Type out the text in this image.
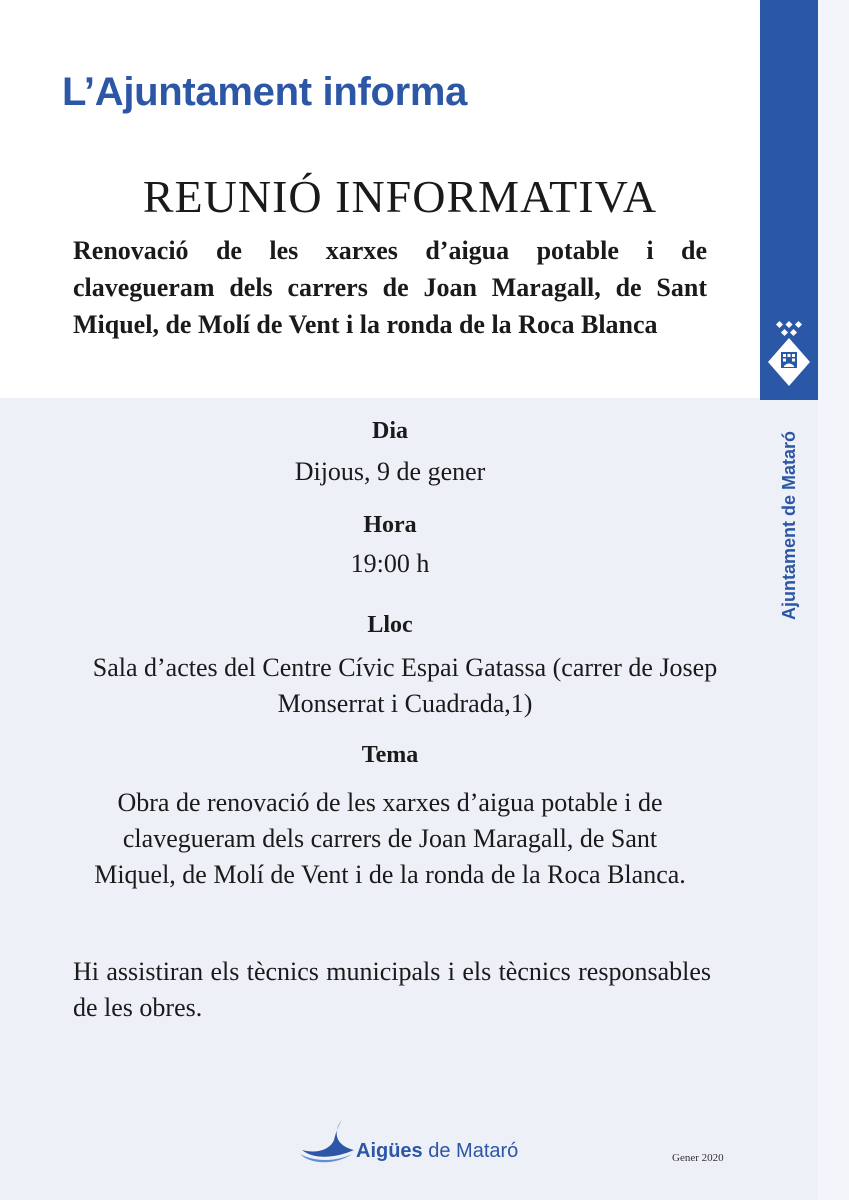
L’Ajuntament informa
REUNIÓ INFORMATIVA

Renovació de les xarxes d’aigua potable i de clavegueram dels carrers de Joan Maragall, de Sant Miquel, de Molí de Vent i la ronda de la Roca Blanca

Dia
Dijous, 9 de gener
Hora
19:00 h
Lloc
Sala d’actes del Centre Cívic Espai Gatassa (carrer de Josep Monserrat i Cuadrada,1)
Tema
Obra de renovació de les xarxes d’aigua potable i de clavegueram dels carrers de Joan Maragall, de Sant Miquel, de Molí de Vent i de la ronda de la Roca Blanca.

Hi assistiran els tècnics municipals i els tècnics responsables de les obres.

Ajuntament de Mataró
Aigües de Mataró	Gener 2020
